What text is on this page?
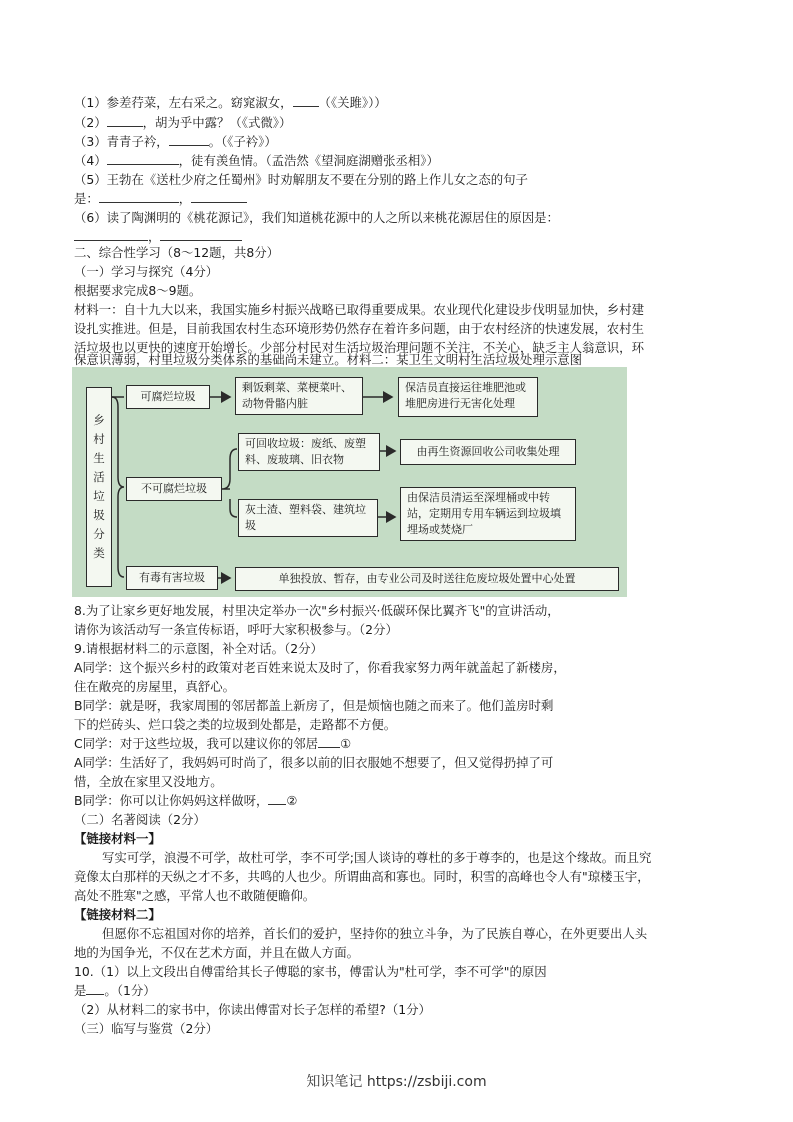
（1）参差荇菜，左右采之。窈窕淑女， （《关雎》））
（2）	，胡为乎中露？（《式微》）
（3）青青子衿，	。（《子衿》）
（4）	，徒有羡鱼情。（孟浩然《望洞庭湖赠张丞相》）
（5）王勃在《送杜少府之任蜀州》时劝解朋友不要在分别的路上作儿女之态的句子
是：	，
（6）读了陶渊明的《桃花源记》，我们知道桃花源中的人之所以来桃花源居住的原因是：
，
二、综合性学习（8～12题，共8分）
（一）学习与探究（4分）
根据要求完成8～9题。
材料一：自十九大以来，我国实施乡村振兴战略已取得重要成果。农业现代化建设步伐明显加快，乡村建
设扎实推进。但是，目前我国农村生态环境形势仍然存在着许多问题，由于农村经济的快速发展，农村生
活垃圾也以更快的速度开始增长。少部分村民对生活垃圾治理问题不关注，不关心，缺乏主人翁意识，环
保意识薄弱，村里垃圾分类体系的基础尚未建立。材料二：某卫生文明村生活垃圾处理示意图
乡
村
生
活
垃
圾
分
类
可腐烂垃圾
不可腐烂垃圾
有毒有害垃圾
剩饭剩菜、菜梗菜叶、动物骨骼内脏
可回收垃圾：废纸、废塑料、废玻璃、旧衣物
灰土渣、塑料袋、建筑垃圾
单独投放、暂存，由专业公司及时送往危废垃圾处置中心处置
保洁员直接运往堆肥池或堆肥房进行无害化处理
由再生资源回收公司收集处理
由保洁员清运至深埋桶或中转站，定期用专用车辆运到垃圾填埋场或焚烧厂
8.为了让家乡更好地发展，村里决定举办一次"乡村振兴·低碳环保比翼齐飞"的宣讲活动，
请你为该活动写一条宣传标语，呼吁大家积极参与。（2分）
9.请根据材料二的示意图，补全对话。（2分）
A同学：这个振兴乡村的政策对老百姓来说太及时了，你看我家努力两年就盖起了新楼房，
住在敞亮的房屋里，真舒心。
B同学：就是呀，我家周围的邻居都盖上新房了，但是烦恼也随之而来了。他们盖房时剩
下的烂砖头、烂口袋之类的垃圾到处都是，走路都不方便。
C同学：对于这些垃圾，我可以建议你的邻居 ①
A同学：生活好了，我妈妈可时尚了，很多以前的旧衣服她不想要了，但又觉得扔掉了可
惜，全放在家里又没地方。
B同学：你可以让你妈妈这样做呀， ②
（二）名著阅读（2分）
【链接材料一】
写实可学，浪漫不可学，故杜可学，李不可学;国人谈诗的尊杜的多于尊李的，也是这个缘故。而且究
竟像太白那样的天纵之才不多，共鸣的人也少。所谓曲高和寡也。同时，积雪的高峰也令人有"琼楼玉宇，
高处不胜寒"之感，平常人也不敢随便瞻仰。
【链接材料二】
但愿你不忘祖国对你的培养，首长们的爱护，坚持你的独立斗争，为了民族自尊心，在外更要出人头
地的为国争光，不仅在艺术方面，并且在做人方面。
10.（1）以上文段出自傅雷给其长子傅聪的家书，傅雷认为"杜可学，李不可学"的原因
是 。（1分）
（2）从材料二的家书中，你读出傅雷对长子怎样的希望?（1分）
（三）临写与鉴赏（2分）
知识笔记 https://zsbiji.com
